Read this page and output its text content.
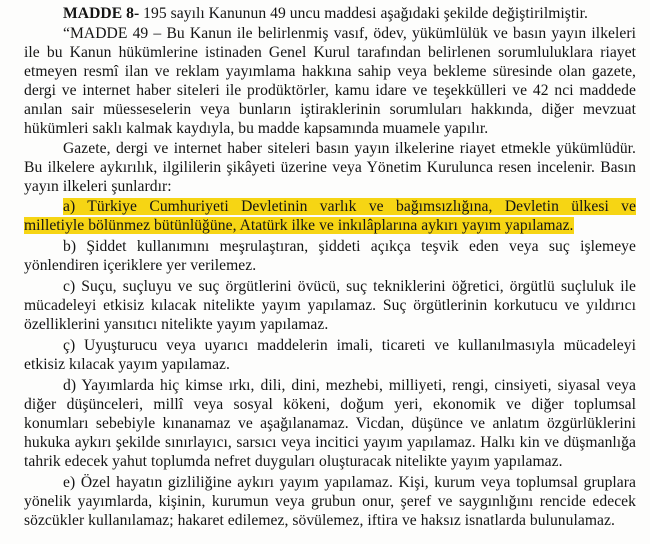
MADDE 8- 195 sayılı Kanunun 49 uncu maddesi aşağıdaki şekilde değiştirilmiştir.
“MADDE 49 – Bu Kanun ile belirlenmiş vasıf, ödev, yükümlülük ve basın yayın ilkeleri
ile bu Kanun hükümlerine istinaden Genel Kurul tarafından belirlenen sorumluluklara riayet
etmeyen resmî ilan ve reklam yayımlama hakkına sahip veya bekleme süresinde olan gazete,
dergi ve internet haber siteleri ile prodüktörler, kamu idare ve teşekkülleri ve 42 nci maddede
anılan sair müesseselerin veya bunların iştiraklerinin sorumluları hakkında, diğer mevzuat
hükümleri saklı kalmak kaydıyla, bu madde kapsamında muamele yapılır.
Gazete, dergi ve internet haber siteleri basın yayın ilkelerine riayet etmekle yükümlüdür.
Bu ilkelere aykırılık, ilgililerin şikâyeti üzerine veya Yönetim Kurulunca resen incelenir. Basın
yayın ilkeleri şunlardır:
a) Türkiye Cumhuriyeti Devletinin varlık ve bağımsızlığına, Devletin ülkesi ve
milletiyle bölünmez bütünlüğüne, Atatürk ilke ve inkılâplarına aykırı yayım yapılamaz.
b) Şiddet kullanımını meşrulaştıran, şiddeti açıkça teşvik eden veya suç işlemeye
yönlendiren içeriklere yer verilemez.
c) Suçu, suçluyu ve suç örgütlerini övücü, suç tekniklerini öğretici, örgütlü suçluluk ile
mücadeleyi etkisiz kılacak nitelikte yayım yapılamaz. Suç örgütlerinin korkutucu ve yıldırıcı
özelliklerini yansıtıcı nitelikte yayım yapılamaz.
ç) Uyuşturucu veya uyarıcı maddelerin imali, ticareti ve kullanılmasıyla mücadeleyi
etkisiz kılacak yayım yapılamaz.
d) Yayımlarda hiç kimse ırkı, dili, dini, mezhebi, milliyeti, rengi, cinsiyeti, siyasal veya
diğer düşünceleri, millî veya sosyal kökeni, doğum yeri, ekonomik ve diğer toplumsal
konumları sebebiyle kınanamaz ve aşağılanamaz. Vicdan, düşünce ve anlatım özgürlüklerini
hukuka aykırı şekilde sınırlayıcı, sarsıcı veya incitici yayım yapılamaz. Halkı kin ve düşmanlığa
tahrik edecek yahut toplumda nefret duyguları oluşturacak nitelikte yayım yapılamaz.
e) Özel hayatın gizliliğine aykırı yayım yapılamaz. Kişi, kurum veya toplumsal gruplara
yönelik yayımlarda, kişinin, kurumun veya grubun onur, şeref ve saygınlığını rencide edecek
sözcükler kullanılamaz; hakaret edilemez, sövülemez, iftira ve haksız isnatlarda bulunulamaz.
